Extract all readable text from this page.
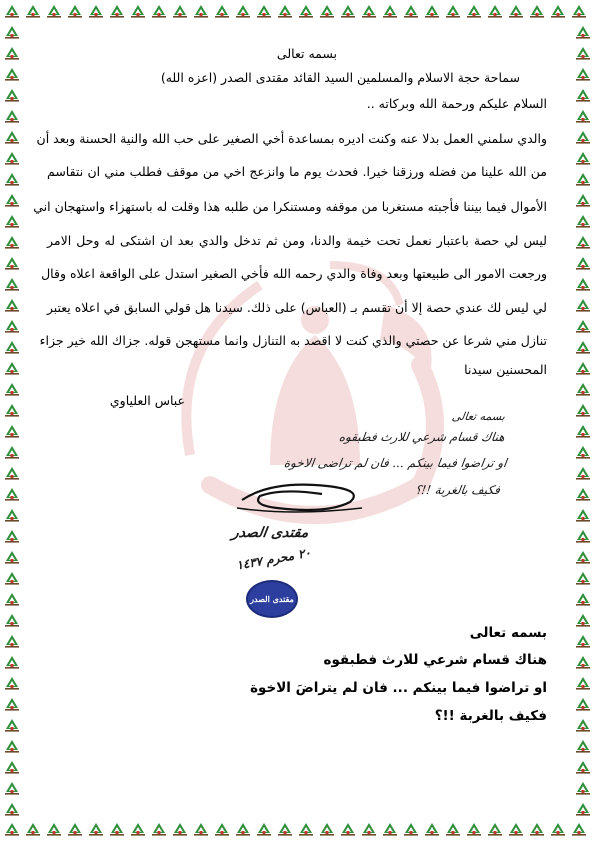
بسمه تعالى
سماحة حجة الاسلام والمسلمين السيد القائد مقتدى الصدر (اعزه الله)
السلام عليكم ورحمة الله وبركاته ..
والدي سلمني العمل بدلا عنه وكنت اديره بمساعدة أخي الصغير على حب الله والنية الحسنة وبعد أن
من الله علينا من فضله ورزقنا خيرا. فحدث يوم ما وانزعج اخي من موقف فطلب مني ان نتقاسم
الأموال فيما بيننا فأجبته مستغربا من موقفه ومستنكرا من طلبه هذا وقلت له باستهزاء واستهجان اني
ليس لي حصة باعتبار نعمل تحت خيمة والدنا، ومن ثم تدخل والدي بعد ان اشتكى له وحل الامر
ورجعت الامور الى طبيعتها وبعد وفاة والدي رحمه الله فأخي الصغير استدل على الواقعة اعلاه وقال
لي ليس لك عندي حصة إلا أن تقسم بـ (العباس) على ذلك. سيدنا هل قولي السابق في اعلاه يعتبر
تنازل مني شرعا عن حصتي والذي كنت لا اقصد به التنازل وانما مستهجن قوله. جزاك الله خير جزاء
المحسنين سيدنا
عباس العلياوي
بسمه تعالى
هناك قسام شرعي للارث فطبقوه
او تراضوا فيما بينكم ... فان لم تراضى الاخوة
فكيف بالغربة !!؟
مقتدى الصدر
٢٠ محرم ١٤٣٧
مقتدى الصدر
بسمه تعالى
هناك قسام شرعي للارث فطبقوه
او تراضوا فيما بينكم ... فان لم يتراضَ الاخوة
فكيف بالغربة !!؟
